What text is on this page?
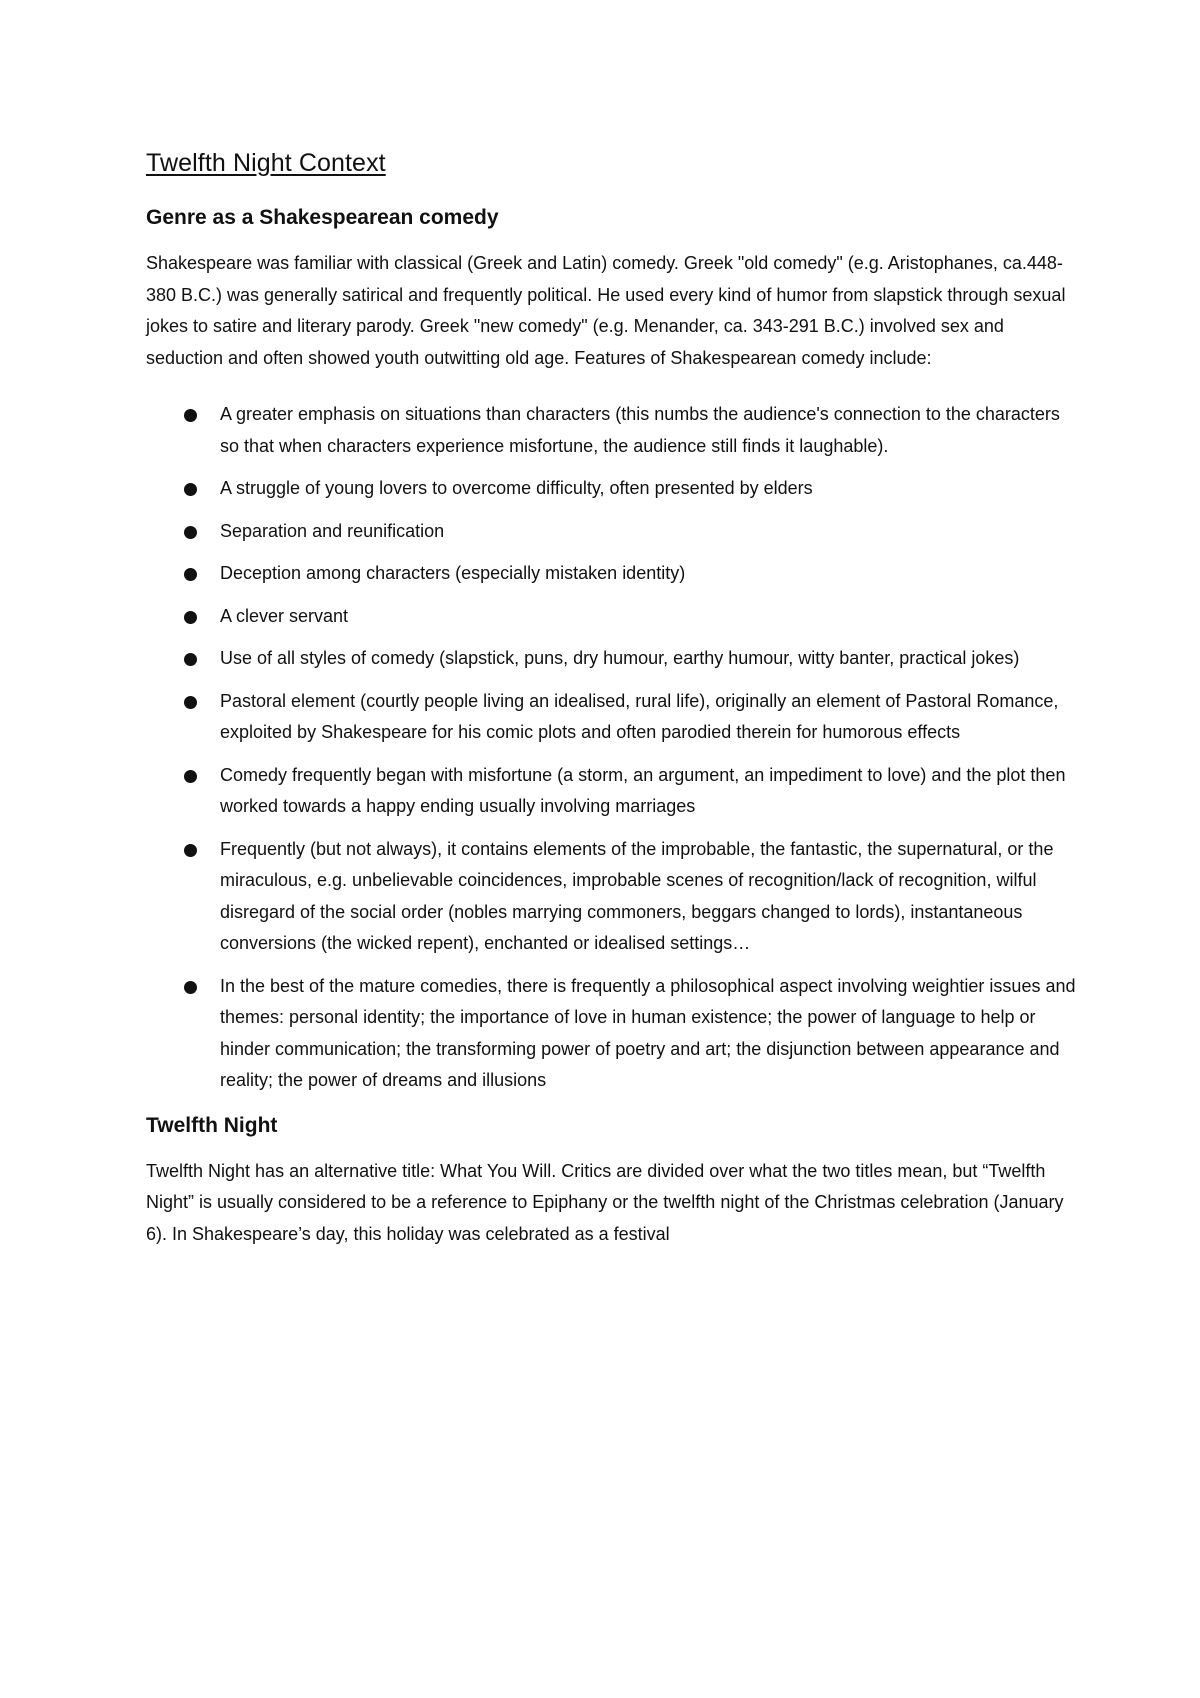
Twelfth Night Context
Genre as a Shakespearean comedy

Shakespeare was familiar with classical (Greek and Latin) comedy. Greek "old comedy" (e.g. Aristophanes, ca.448-380 B.C.) was generally satirical and frequently political. He used every kind of humor from slapstick through sexual jokes to satire and literary parody. Greek "new comedy" (e.g. Menander, ca. 343-291 B.C.) involved sex and seduction and often showed youth outwitting old age. Features of Shakespearean comedy include:

A greater emphasis on situations than characters (this numbs the audience's connection to the characters so that when characters experience misfortune, the audience still finds it laughable).
A struggle of young lovers to overcome difficulty, often presented by elders
Separation and reunification
Deception among characters (especially mistaken identity)
A clever servant
Use of all styles of comedy (slapstick, puns, dry humour, earthy humour, witty banter, practical jokes)
Pastoral element (courtly people living an idealised, rural life), originally an element of Pastoral Romance, exploited by Shakespeare for his comic plots and often parodied therein for humorous effects
Comedy frequently began with misfortune (a storm, an argument, an impediment to love) and the plot then worked towards a happy ending usually involving marriages
Frequently (but not always), it contains elements of the improbable, the fantastic, the supernatural, or the miraculous, e.g. unbelievable coincidences, improbable scenes of recognition/lack of recognition, wilful disregard of the social order (nobles marrying commoners, beggars changed to lords), instantaneous conversions (the wicked repent), enchanted or idealised settings…
In the best of the mature comedies, there is frequently a philosophical aspect involving weightier issues and themes: personal identity; the importance of love in human existence; the power of language to help or hinder communication; the transforming power of poetry and art; the disjunction between appearance and reality; the power of dreams and illusions
Twelfth Night

Twelfth Night has an alternative title: What You Will. Critics are divided over what the two titles mean, but “Twelfth Night” is usually considered to be a reference to Epiphany or the twelfth night of the Christmas celebration (January 6). In Shakespeare’s day, this holiday was celebrated as a festival
